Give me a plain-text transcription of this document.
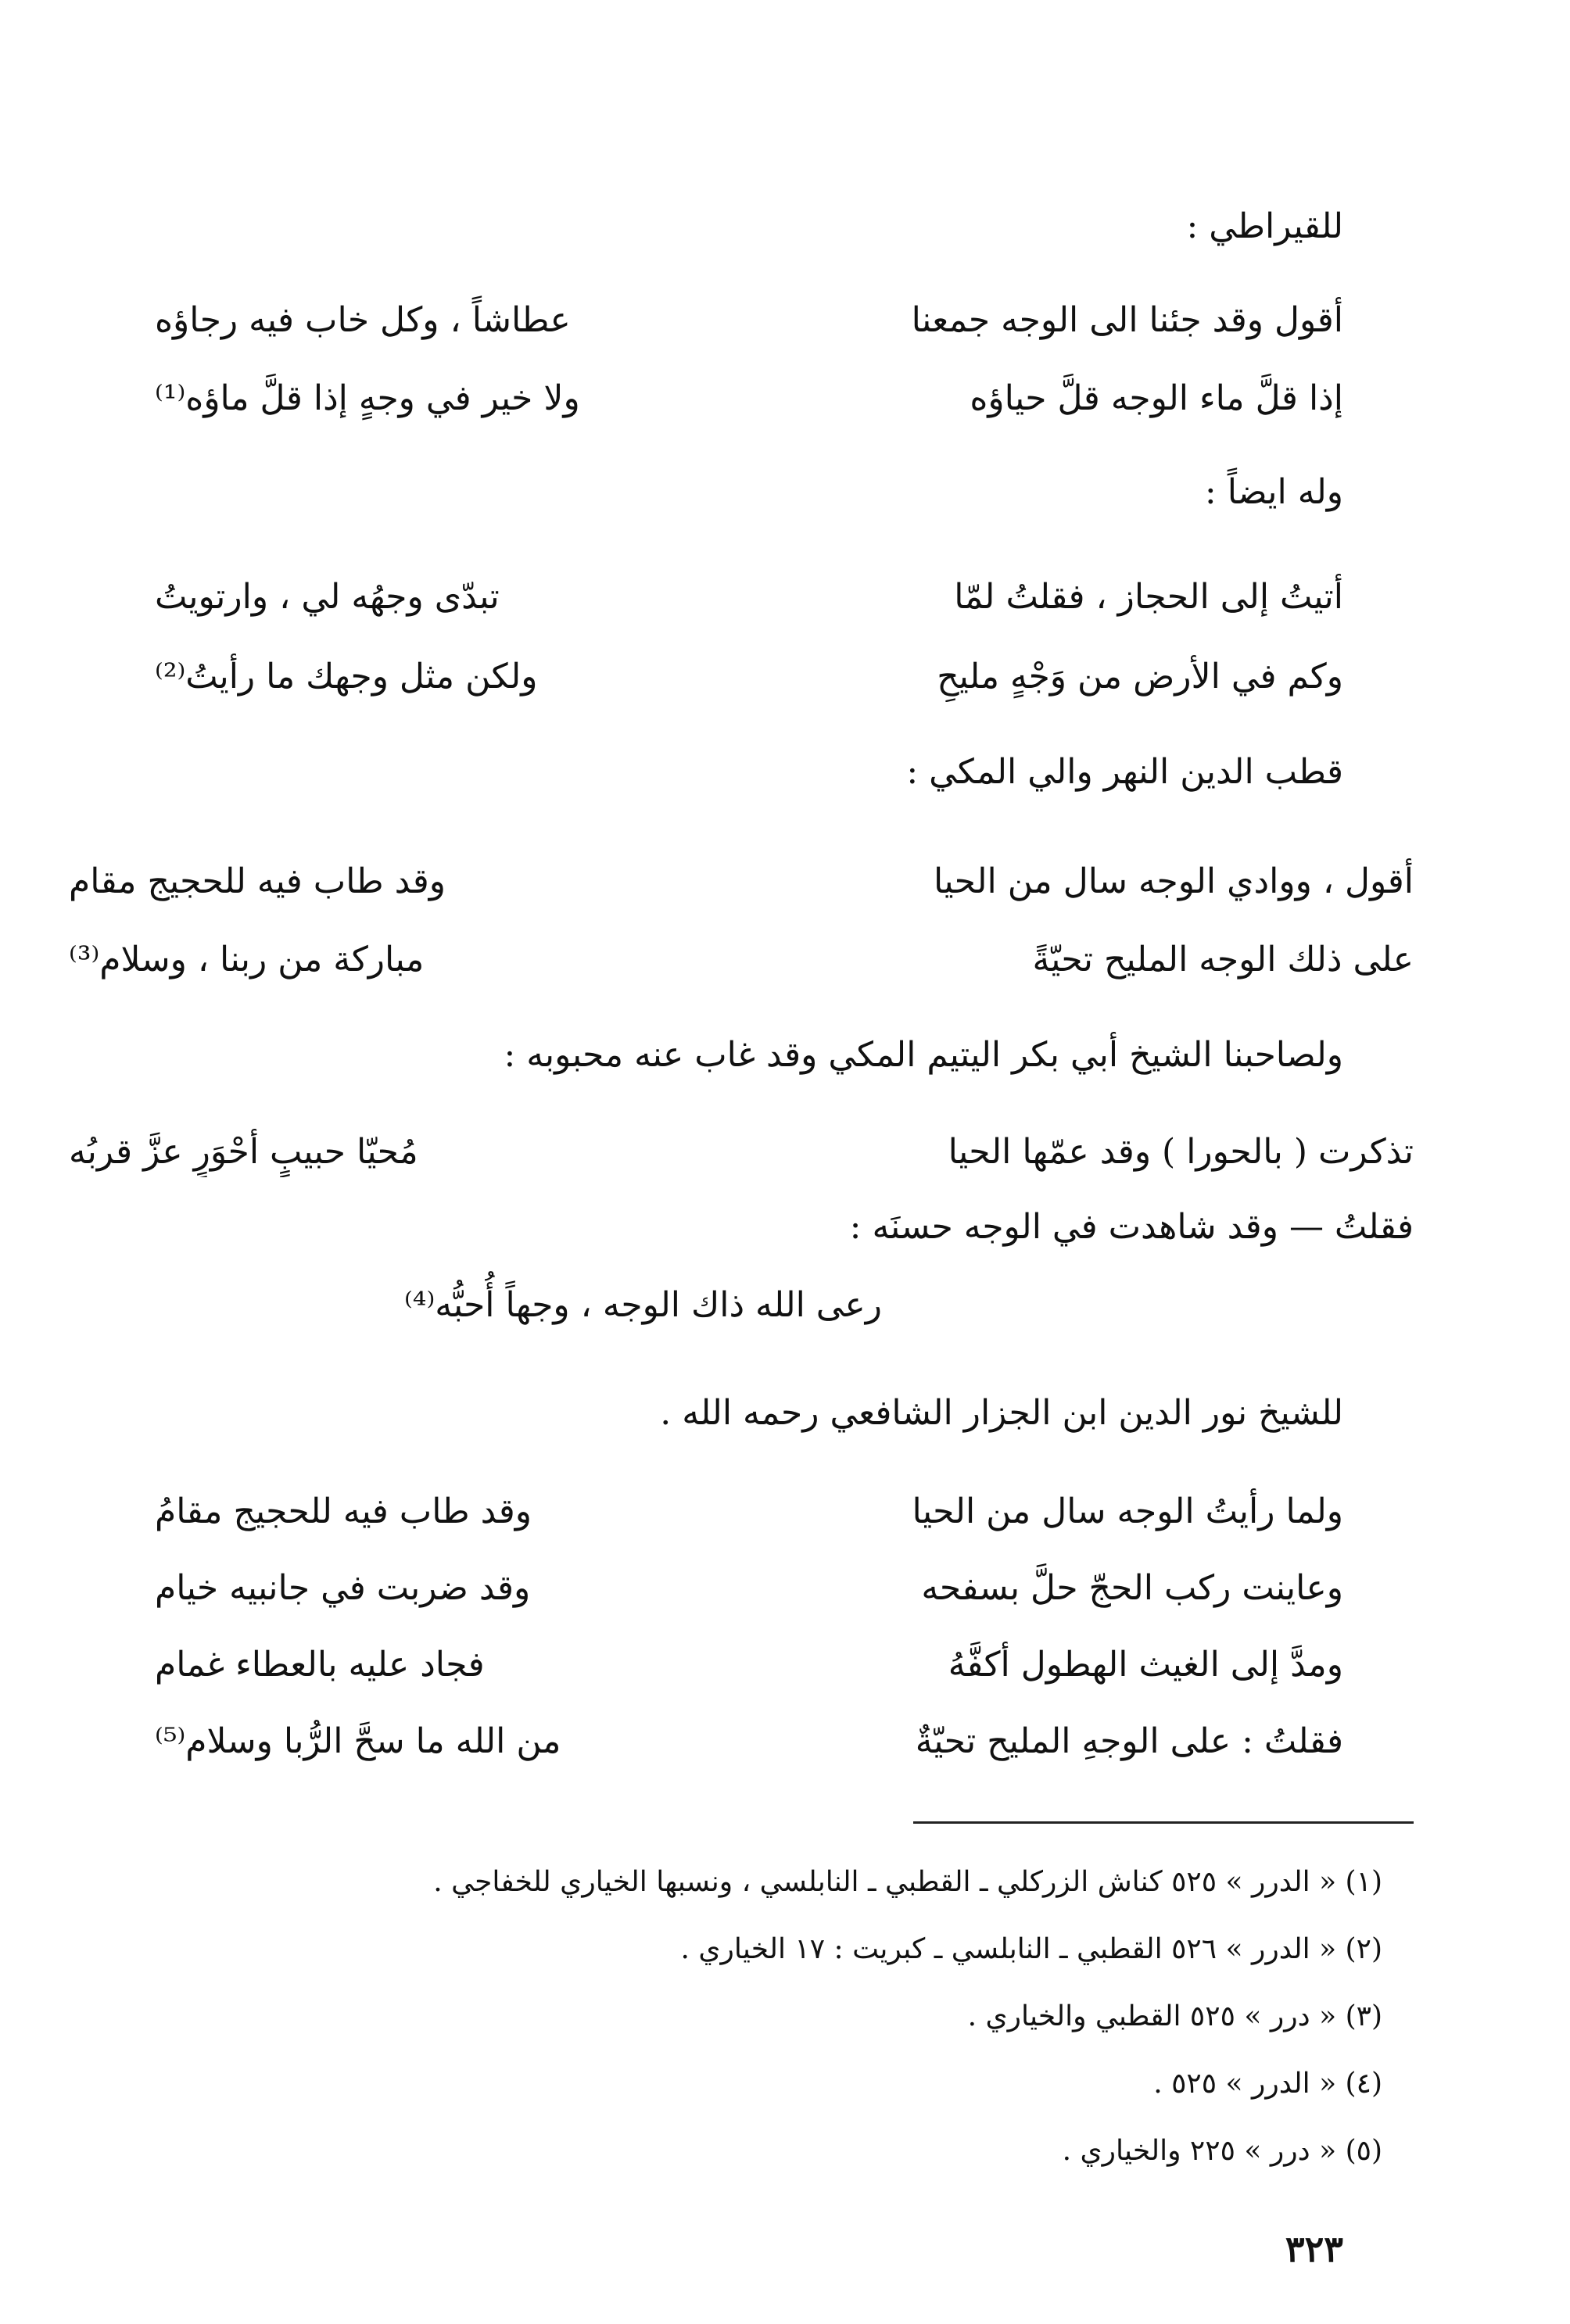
للقيراطي :
أقول وقد جئنا الى الوجه جمعنا
عطاشاً ، وكل خاب فيه رجاؤه
إذا قلَّ ماء الوجه قلَّ حياؤه
ولا خير في وجهٍ إذا قلَّ ماؤه⁽¹⁾
وله ايضاً :
أتيتُ إلى الحجاز ، فقلتُ لمّا
تبدّى وجهُه لي ، وارتويتُ
وكم في الأرض من وَجْهٍ مليحٍ
ولكن مثل وجهك ما رأيتُ⁽²⁾
قطب الدين النهر والي المكي :
أقول ، ووادي الوجه سال من الحيا
وقد طاب فيه للحجيج مقام
على ذلك الوجه المليح تحيّةً
مباركة من ربنا ، وسلام⁽³⁾
ولصاحبنا الشيخ أبي بكر اليتيم المكي وقد غاب عنه محبوبه :
تذكرت ( بالحورا ) وقد عمّها الحيا
مُحيّا حبيبٍ أحْوَرٍ عزَّ قربُه
فقلتُ — وقد شاهدت في الوجه حسنَه :
رعى الله ذاك الوجه ، وجهاً أُحبُّه⁽⁴⁾
للشيخ نور الدين ابن الجزار الشافعي رحمه الله .
ولما رأيتُ الوجه سال من الحيا
وقد طاب فيه للحجيج مقامُ
وعاينت ركب الحجّ حلَّ بسفحه
وقد ضربت في جانبيه خيام
ومدَّ إلى الغيث الهطول أكفَّهُ
فجاد عليه بالعطاء غمام
فقلتُ : على الوجهِ المليح تحيّةٌ
من الله ما سحَّ الرُّبا وسلام⁽⁵⁾
(١) « الدرر » ٥٢٥ كناش الزركلي ـ القطبي ـ النابلسي ، ونسبها الخياري للخفاجي .
(٢) « الدرر » ٥٢٦ القطبي ـ النابلسي ـ كبريت : ١٧ الخياري .
(٣) « درر » ٥٢٥ القطبي والخياري .
(٤) « الدرر » ٥٢٥ .
(٥) « درر » ٢٢٥ والخياري .
٣٢٣
